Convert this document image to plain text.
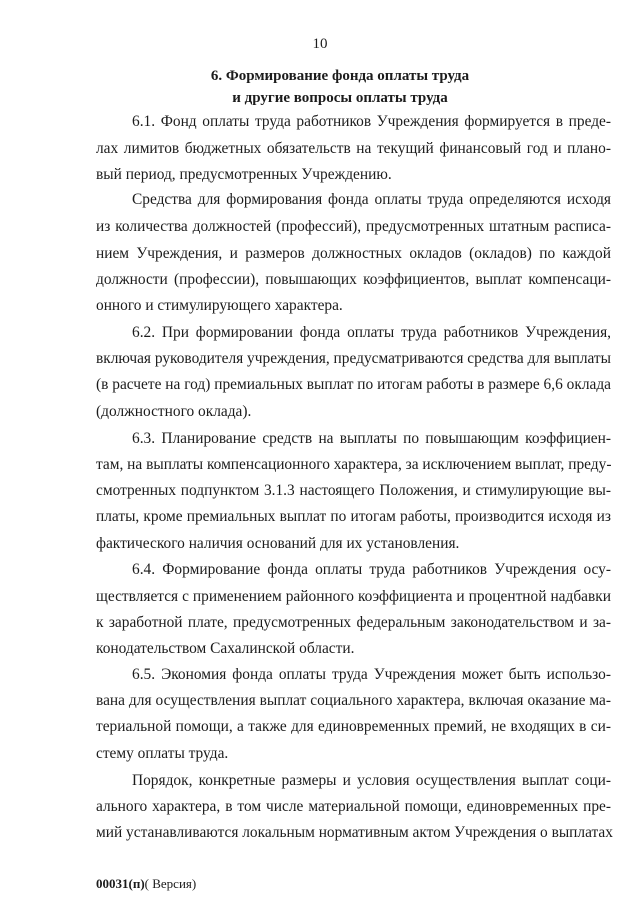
10
6. Формирование фонда оплаты труда
и другие вопросы оплаты труда
6.1. Фонд оплаты труда работников Учреждения формируется в преде-
лах лимитов бюджетных обязательств на текущий финансовый год и плано-
вый период, предусмотренных Учреждению.
Средства для формирования фонда оплаты труда определяются исходя
из количества должностей (профессий), предусмотренных штатным расписа-
нием Учреждения, и размеров должностных окладов (окладов) по каждой
должности (профессии), повышающих коэффициентов, выплат компенсаци-
онного и стимулирующего характера.
6.2. При формировании фонда оплаты труда работников Учреждения,
включая руководителя учреждения, предусматриваются средства для выплаты
(в расчете на год) премиальных выплат по итогам работы в размере 6,6 оклада
(должностного оклада).
6.3. Планирование средств на выплаты по повышающим коэффициен-
там, на выплаты компенсационного характера, за исключением выплат, преду-
смотренных подпунктом 3.1.3 настоящего Положения, и стимулирующие вы-
платы, кроме премиальных выплат по итогам работы, производится исходя из
фактического наличия оснований для их установления.
6.4. Формирование фонда оплаты труда работников Учреждения осу-
ществляется с применением районного коэффициента и процентной надбавки
к заработной плате, предусмотренных федеральным законодательством и за-
конодательством Сахалинской области.
6.5. Экономия фонда оплаты труда Учреждения может быть использо-
вана для осуществления выплат социального характера, включая оказание ма-
териальной помощи, а также для единовременных премий, не входящих в си-
стему оплаты труда.
Порядок, конкретные размеры и условия осуществления выплат соци-
ального характера, в том числе материальной помощи, единовременных пре-
мий устанавливаются локальным нормативным актом Учреждения о выплатах
00031(п)( Версия)
